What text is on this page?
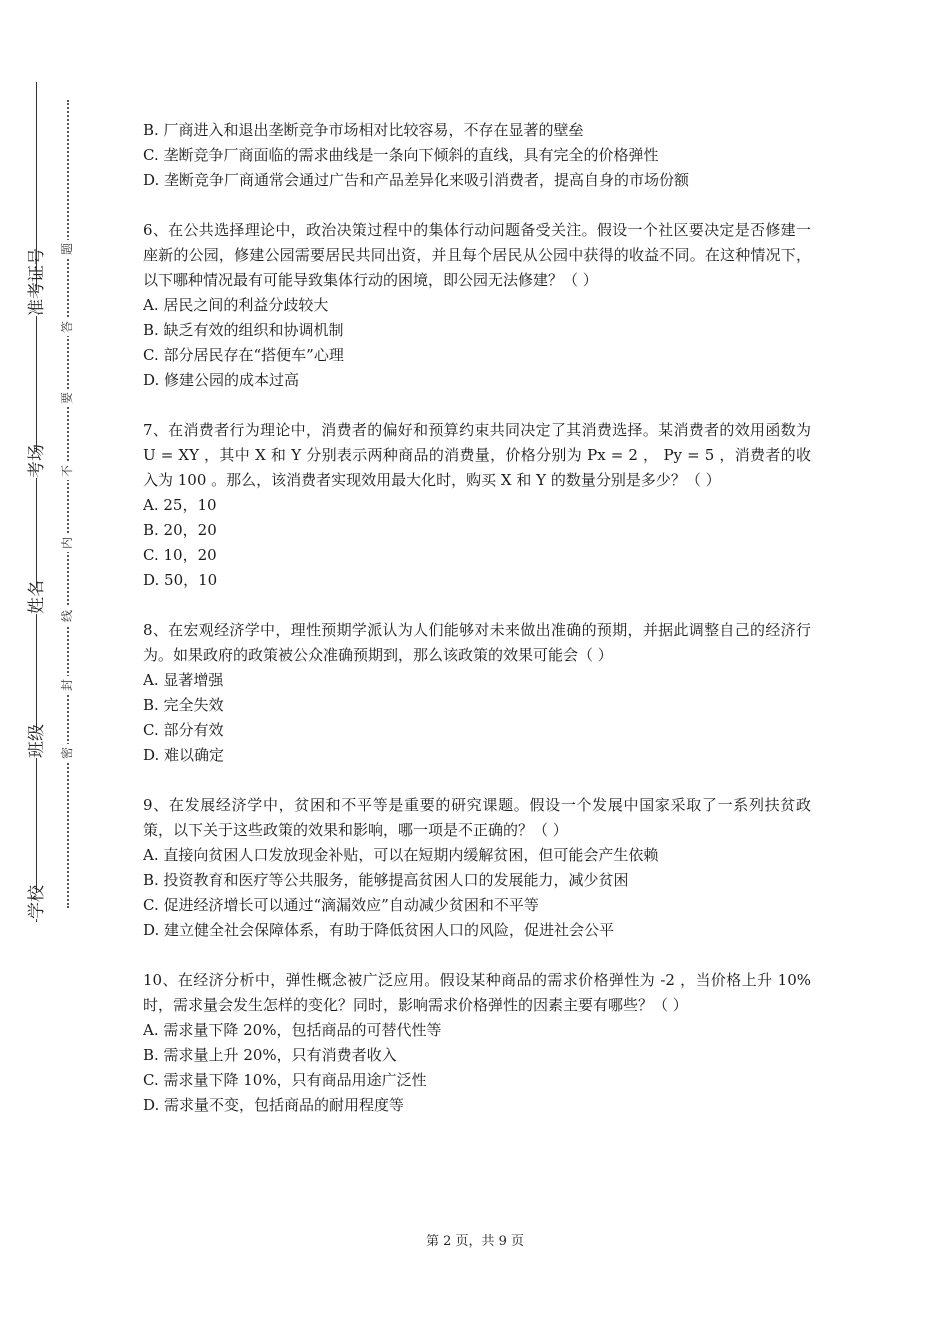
准考证号
考场
姓名
班级
学校
题
答
要
不
内
线
封
密
B. 厂商进入和退出垄断竞争市场相对比较容易，不存在显著的壁垒
C. 垄断竞争厂商面临的需求曲线是一条向下倾斜的直线，具有完全的价格弹性
D. 垄断竞争厂商通常会通过广告和产品差异化来吸引消费者，提高自身的市场份额
6、在公共选择理论中，政治决策过程中的集体行动问题备受关注。假设一个社区要决定是否修建一座新的公园，修建公园需要居民共同出资，并且每个居民从公园中获得的收益不同。在这种情况下，以下哪种情况最有可能导致集体行动的困境，即公园无法修建？（ ）
A. 居民之间的利益分歧较大
B. 缺乏有效的组织和协调机制
C. 部分居民存在“搭便车”心理
D. 修建公园的成本过高
7、在消费者行为理论中，消费者的偏好和预算约束共同决定了其消费选择。某消费者的效用函数为 U = XY ，其中 X 和 Y 分别表示两种商品的消费量，价格分别为 Px = 2 ， Py = 5 ，消费者的收入为 100 。那么，该消费者实现效用最大化时，购买 X 和 Y 的数量分别是多少？（ ）
A. 25，10
B. 20，20
C. 10，20
D. 50，10
8、在宏观经济学中，理性预期学派认为人们能够对未来做出准确的预期，并据此调整自己的经济行为。如果政府的政策被公众准确预期到，那么该政策的效果可能会（ ）
A. 显著增强
B. 完全失效
C. 部分有效
D. 难以确定
9、在发展经济学中，贫困和不平等是重要的研究课题。假设一个发展中国家采取了一系列扶贫政策，以下关于这些政策的效果和影响，哪一项是不正确的？（ ）
A. 直接向贫困人口发放现金补贴，可以在短期内缓解贫困，但可能会产生依赖
B. 投资教育和医疗等公共服务，能够提高贫困人口的发展能力，减少贫困
C. 促进经济增长可以通过“滴漏效应”自动减少贫困和不平等
D. 建立健全社会保障体系，有助于降低贫困人口的风险，促进社会公平
10、在经济分析中，弹性概念被广泛应用。假设某种商品的需求价格弹性为 -2 ，当价格上升 10%时，需求量会发生怎样的变化？同时，影响需求价格弹性的因素主要有哪些？（ ）
A. 需求量下降 20%，包括商品的可替代性等
B. 需求量上升 20%，只有消费者收入
C. 需求量下降 10%，只有商品用途广泛性
D. 需求量不变，包括商品的耐用程度等
第 2 页，共 9 页
